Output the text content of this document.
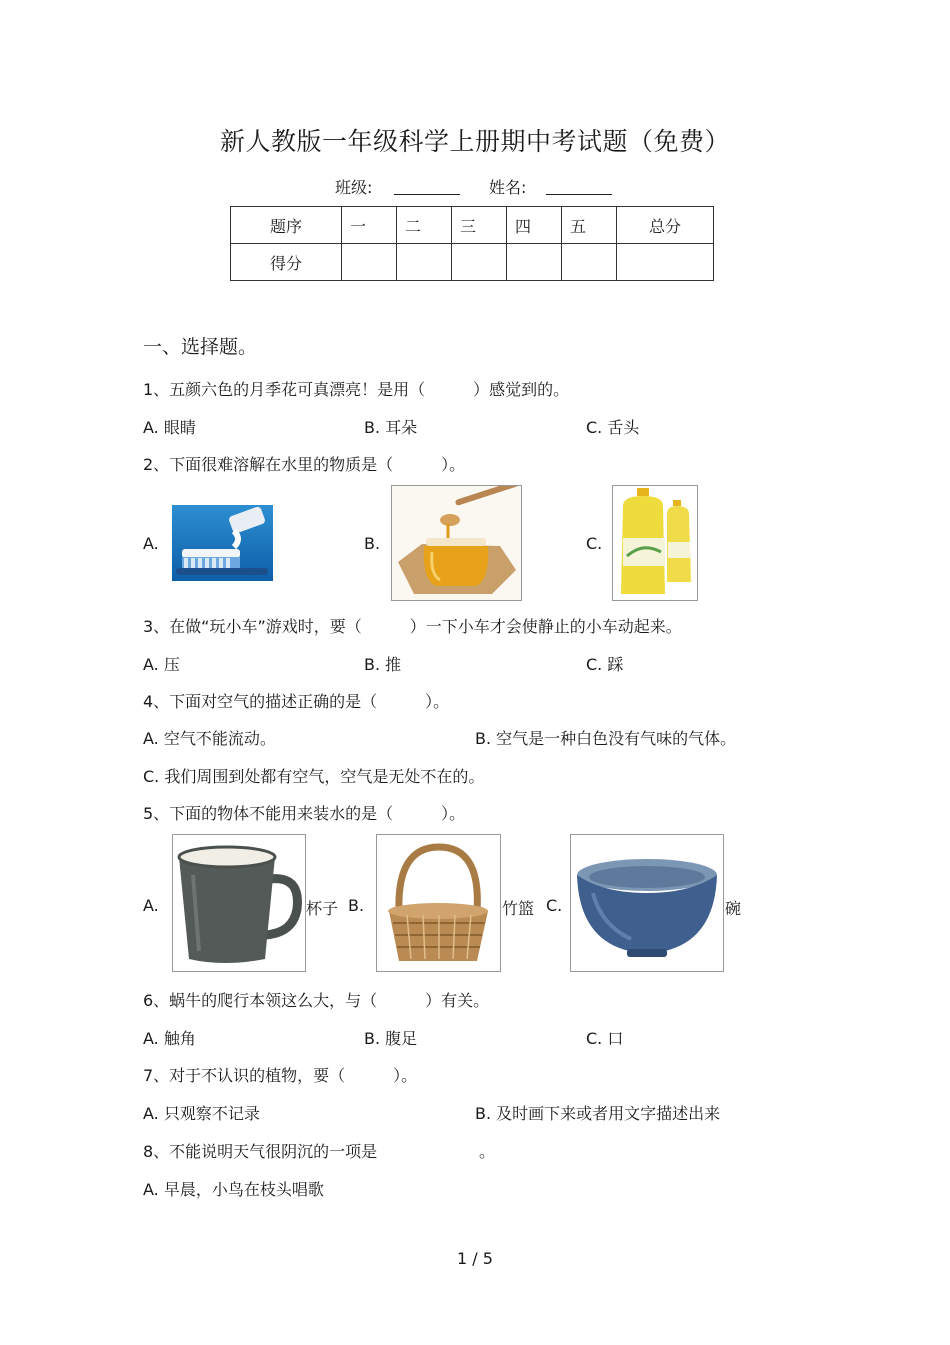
新人教版一年级科学上册期中考试题（免费）
班级:	姓名:
题序	一	二	三	四	五	总分
得分						
一、选择题。
1、五颜六色的月季花可真漂亮！是用（　　　）感觉到的。
A. 眼睛	B. 耳朵	C. 舌头
2、下面很难溶解在水里的物质是（　　　）。
A.	B.	C.
3、在做“玩小车”游戏时，要（　　　）一下小车才会使静止的小车动起来。
A. 压	B. 推	C. 踩
4、下面对空气的描述正确的是（　　　）。
A. 空气不能流动。	B. 空气是一种白色没有气味的气体。
C. 我们周围到处都有空气，空气是无处不在的。
5、下面的物体不能用来装水的是（　　　）。
A.	杯子 B.	竹篮 C.	碗
6、蜗牛的爬行本领这么大，与（　　　）有关。
A. 触角	B. 腹足	C. 口
7、对于不认识的植物，要（　　　）。
A. 只观察不记录	B. 及时画下来或者用文字描述出来
8、不能说明天气很阴沉的一项是	。
A. 早晨，小鸟在枝头唱歌
1 / 5
